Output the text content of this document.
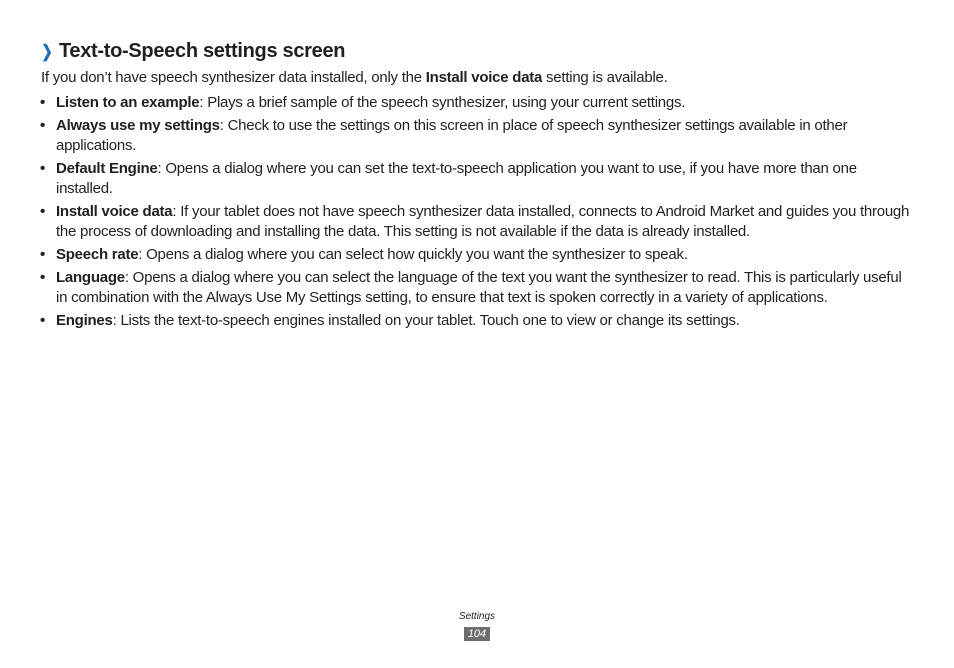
❯ Text-to-Speech settings screen

If you don’t have speech synthesizer data installed, only the Install voice data setting is available.

• Listen to an example: Plays a brief sample of the speech synthesizer, using your current settings.
• Always use my settings: Check to use the settings on this screen in place of speech synthesizer settings available in other applications.
• Default Engine: Opens a dialog where you can set the text-to-speech application you want to use, if you have more than one installed.
• Install voice data: If your tablet does not have speech synthesizer data installed, connects to Android Market and guides you through the process of downloading and installing the data. This setting is not available if the data is already installed.
• Speech rate: Opens a dialog where you can select how quickly you want the synthesizer to speak.
• Language: Opens a dialog where you can select the language of the text you want the synthesizer to read. This is particularly useful in combination with the Always Use My Settings setting, to ensure that text is spoken correctly in a variety of applications.
• Engines: Lists the text-to-speech engines installed on your tablet. Touch one to view or change its settings.
Settings
104
